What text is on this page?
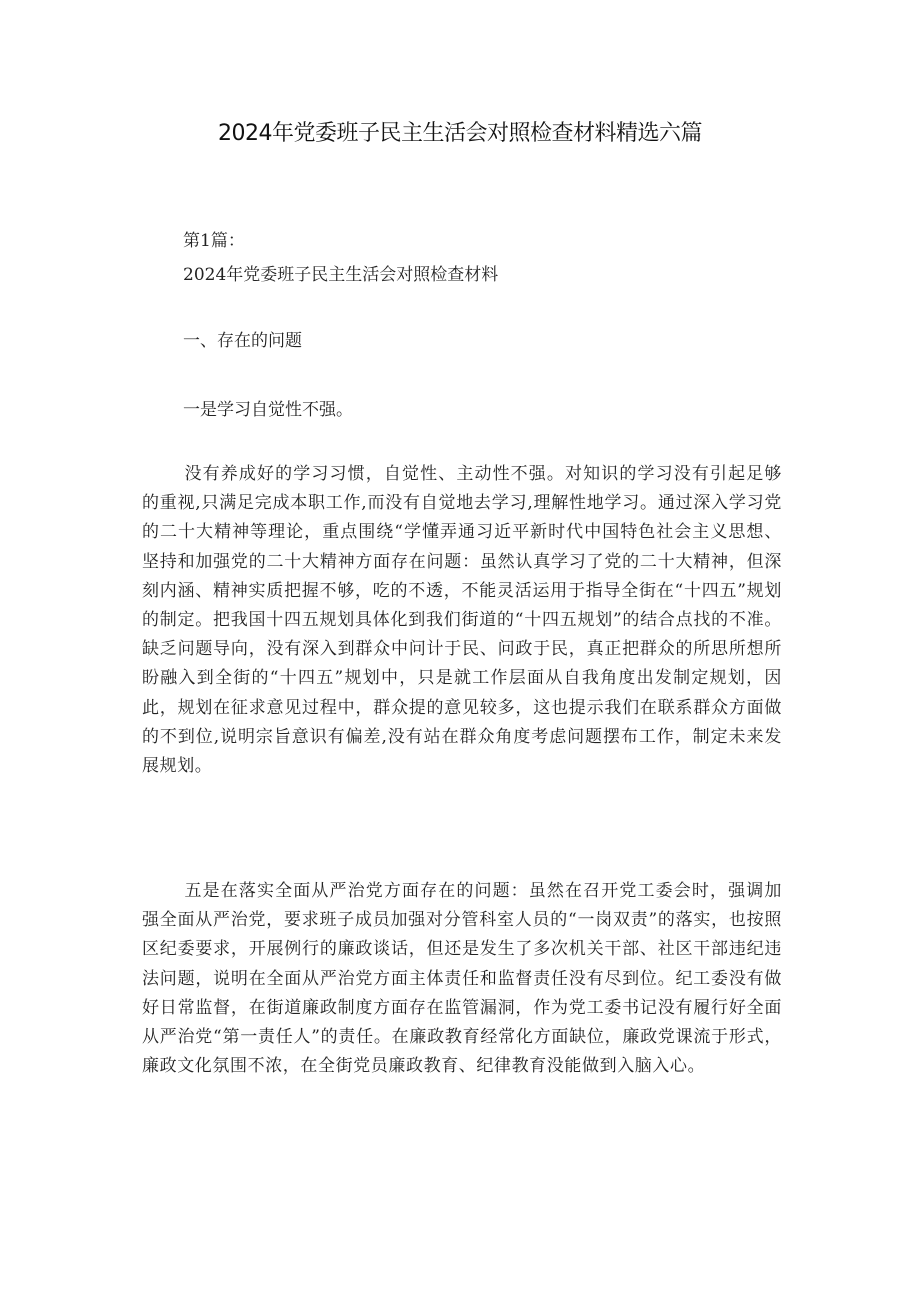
2024年党委班子民主生活会对照检查材料精选六篇
第1篇：
2024年党委班子民主生活会对照检查材料
一、存在的问题
一是学习自觉性不强。
没有养成好的学习习惯，自觉性、主动性不强。对知识的学习没有引起足够的重视,只满足完成本职工作,而没有自觉地去学习,理解性地学习。通过深入学习党的二十大精神等理论，重点围绕“学懂弄通习近平新时代中国特色社会主义思想、坚持和加强党的二十大精神方面存在问题：虽然认真学习了党的二十大精神，但深刻内涵、精神实质把握不够，吃的不透，不能灵活运用于指导全街在“十四五”规划的制定。把我国十四五规划具体化到我们街道的“十四五规划”的结合点找的不准。缺乏问题导向，没有深入到群众中问计于民、问政于民，真正把群众的所思所想所盼融入到全街的“十四五”规划中，只是就工作层面从自我角度出发制定规划，因此，规划在征求意见过程中，群众提的意见较多，这也提示我们在联系群众方面做的不到位,说明宗旨意识有偏差,没有站在群众角度考虑问题摆布工作，制定未来发展规划。
五是在落实全面从严治党方面存在的问题：虽然在召开党工委会时，强调加强全面从严治党，要求班子成员加强对分管科室人员的“一岗双责”的落实，也按照区纪委要求，开展例行的廉政谈话，但还是发生了多次机关干部、社区干部违纪违法问题，说明在全面从严治党方面主体责任和监督责任没有尽到位。纪工委没有做好日常监督，在街道廉政制度方面存在监管漏洞，作为党工委书记没有履行好全面从严治党“第一责任人”的责任。在廉政教育经常化方面缺位，廉政党课流于形式，廉政文化氛围不浓，在全街党员廉政教育、纪律教育没能做到入脑入心。
